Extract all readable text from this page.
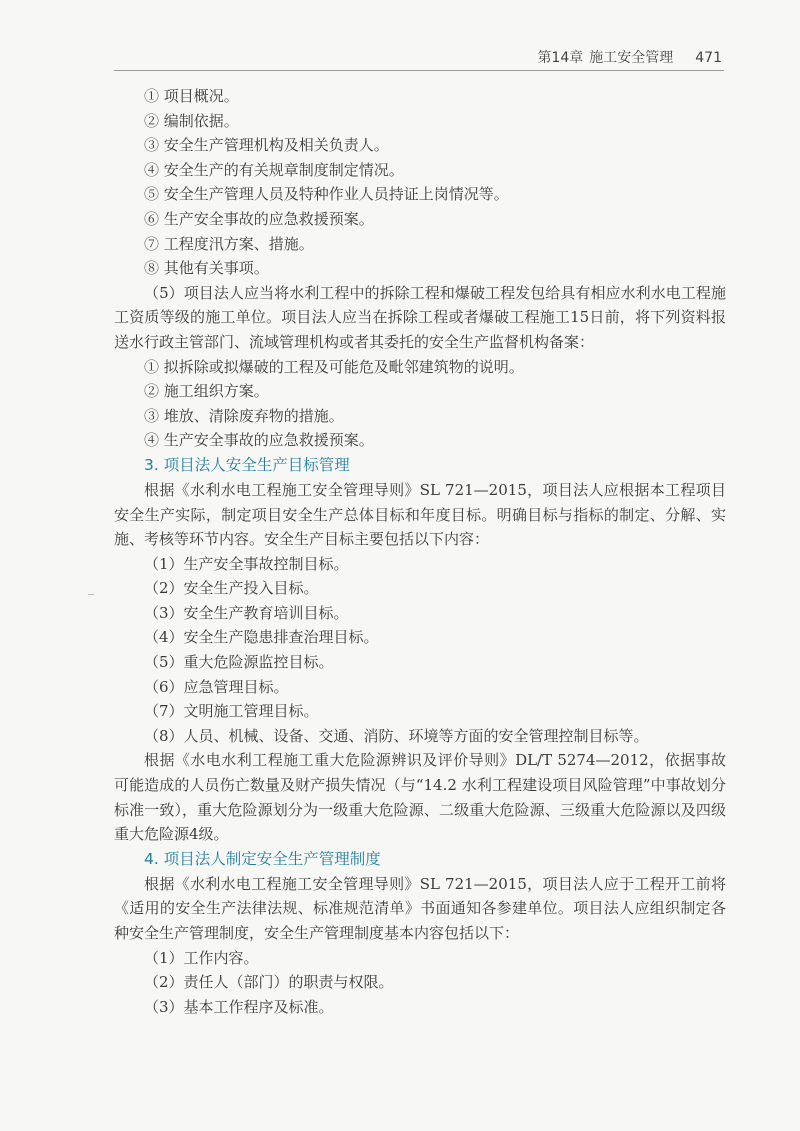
第14章 施工安全管理 471
① 项目概况。
② 编制依据。
③ 安全生产管理机构及相关负责人。
④ 安全生产的有关规章制度制定情况。
⑤ 安全生产管理人员及特种作业人员持证上岗情况等。
⑥ 生产安全事故的应急救援预案。
⑦ 工程度汛方案、措施。
⑧ 其他有关事项。
（5）项目法人应当将水利工程中的拆除工程和爆破工程发包给具有相应水利水电工程施工资质等级的施工单位。项目法人应当在拆除工程或者爆破工程施工15日前，将下列资料报送水行政主管部门、流域管理机构或者其委托的安全生产监督机构备案：
① 拟拆除或拟爆破的工程及可能危及毗邻建筑物的说明。
② 施工组织方案。
③ 堆放、清除废弃物的措施。
④ 生产安全事故的应急救援预案。
3. 项目法人安全生产目标管理
根据《水利水电工程施工安全管理导则》SL 721—2015，项目法人应根据本工程项目安全生产实际，制定项目安全生产总体目标和年度目标。明确目标与指标的制定、分解、实施、考核等环节内容。安全生产目标主要包括以下内容：
（1）生产安全事故控制目标。
（2）安全生产投入目标。
（3）安全生产教育培训目标。
（4）安全生产隐患排查治理目标。
（5）重大危险源监控目标。
（6）应急管理目标。
（7）文明施工管理目标。
（8）人员、机械、设备、交通、消防、环境等方面的安全管理控制目标等。
根据《水电水利工程施工重大危险源辨识及评价导则》DL/T 5274—2012，依据事故可能造成的人员伤亡数量及财产损失情况（与“14.2 水利工程建设项目风险管理”中事故划分标准一致），重大危险源划分为一级重大危险源、二级重大危险源、三级重大危险源以及四级重大危险源4级。
4. 项目法人制定安全生产管理制度
根据《水利水电工程施工安全管理导则》SL 721—2015，项目法人应于工程开工前将《适用的安全生产法律法规、标准规范清单》书面通知各参建单位。项目法人应组织制定各种安全生产管理制度，安全生产管理制度基本内容包括以下：
（1）工作内容。
（2）责任人（部门）的职责与权限。
（3）基本工作程序及标准。
